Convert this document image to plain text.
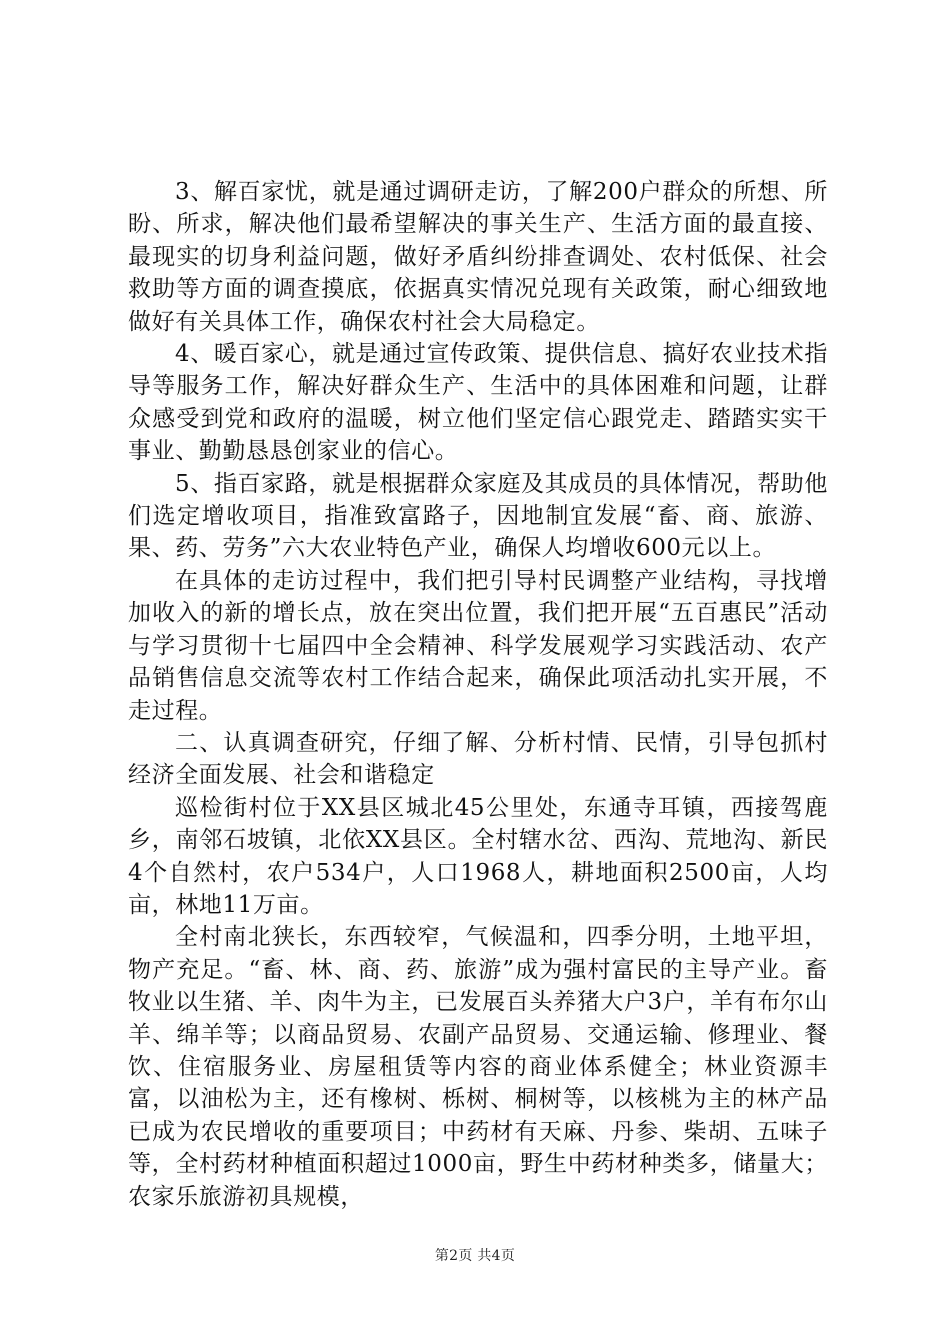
3、解百家忧，就是通过调研走访，了解200户群众的所想、所盼、所求，解决他们最希望解决的事关生产、生活方面的最直接、最现实的切身利益问题，做好矛盾纠纷排查调处、农村低保、社会救助等方面的调查摸底，依据真实情况兑现有关政策，耐心细致地做好有关具体工作，确保农村社会大局稳定。

4、暖百家心，就是通过宣传政策、提供信息、搞好农业技术指导等服务工作，解决好群众生产、生活中的具体困难和问题，让群众感受到党和政府的温暖，树立他们坚定信心跟党走、踏踏实实干事业、勤勤恳恳创家业的信心。

5、指百家路，就是根据群众家庭及其成员的具体情况，帮助他们选定增收项目，指准致富路子，因地制宜发展“畜、商、旅游、果、药、劳务”六大农业特色产业，确保人均增收600元以上。

在具体的走访过程中，我们把引导村民调整产业结构，寻找增加收入的新的增长点，放在突出位置，我们把开展“五百惠民”活动与学习贯彻十七届四中全会精神、科学发展观学习实践活动、农产品销售信息交流等农村工作结合起来，确保此项活动扎实开展，不走过程。

二、认真调查研究，仔细了解、分析村情、民情，引导包抓村经济全面发展、社会和谐稳定

巡检街村位于XX县区城北45公里处，东通寺耳镇，西接驾鹿乡，南邻石坡镇，北依XX县区。全村辖水岔、西沟、荒地沟、新民4个自然村，农户534户，人口1968人，耕地面积2500亩，人均亩，林地11万亩。

全村南北狭长，东西较窄，气候温和，四季分明，土地平坦，物产充足。“畜、林、商、药、旅游”成为强村富民的主导产业。畜牧业以生猪、羊、肉牛为主，已发展百头养猪大户3户，羊有布尔山羊、绵羊等；以商品贸易、农副产品贸易、交通运输、修理业、餐饮、住宿服务业、房屋租赁等内容的商业体系健全；林业资源丰富，以油松为主，还有橡树、栎树、桐树等，以核桃为主的林产品已成为农民增收的重要项目；中药材有天麻、丹参、柴胡、五味子等，全村药材种植面积超过1000亩，野生中药材种类多，储量大；农家乐旅游初具规模，

第2页 共4页
